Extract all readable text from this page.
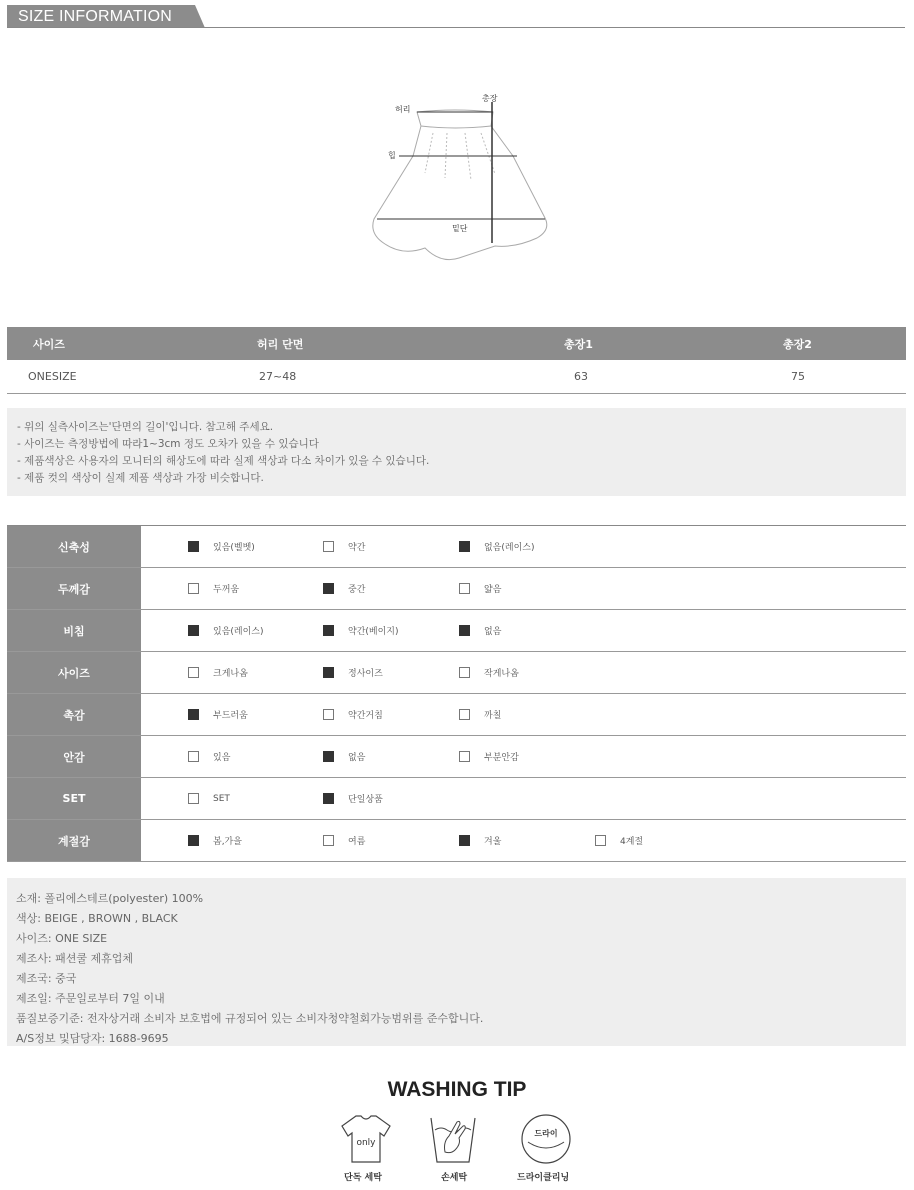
SIZE INFORMATION
허리
총장
힙
밑단
사이즈	허리 단면	총장1	총장2
ONESIZE	27~48	63	75

- 위의 실측사이즈는'단면의 길이'입니다. 참고해 주세요.

- 사이즈는 측정방법에 따라1~3cm 정도 오차가 있을 수 있습니다

- 제품색상은 사용자의 모니터의 해상도에 따라 실제 색상과 다소 차이가 있을 수 있습니다.

- 제품 컷의 색상이 실제 제품 색상과 가장 비슷합니다.

신축성	있음(벨벳)	약간	없음(레이스)
두께감	두꺼움	중간	얇음
비침	있음(레이스)	약간(베이지)	없음
사이즈	크게나옴	정사이즈	작게나옴
촉감	부드러움	약간거침	까칠
안감	있음	없음	부분안감
SET	SET	단일상품
계절감	봄,가을	여름	겨울	4계절

소재: 폴리에스테르(polyester) 100%

색상: BEIGE , BROWN , BLACK

사이즈: ONE SIZE

제조사: 패션쿨 제휴업체

제조국: 중국

제조일: 주문일로부터 7일 이내

품질보증기준: 전자상거래 소비자 보호법에 규정되어 있는 소비자청약철회가능범위를 준수합니다.

A/S정보 및담당자: 1688-9695

WASHING TIP
only
단독 세탁	손세탁
드라이
드라이클리닝
